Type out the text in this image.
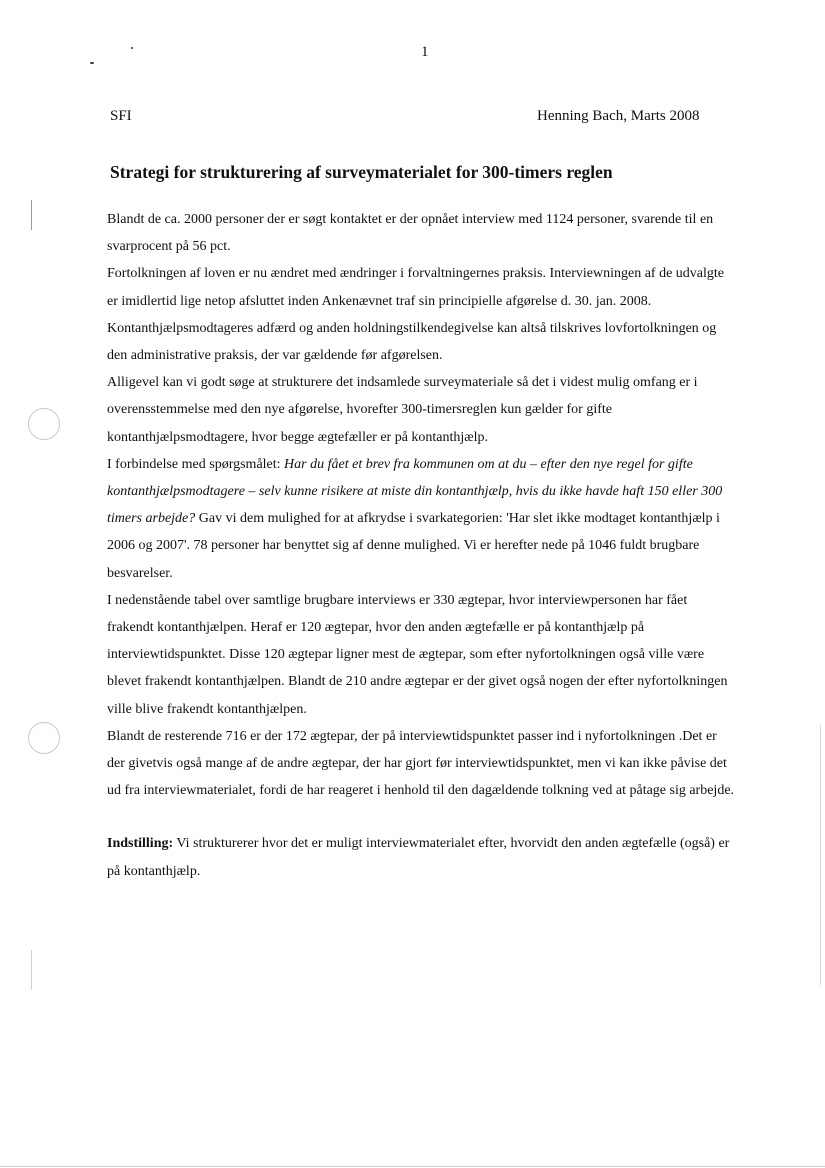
1
SFI	Henning Bach, Marts 2008
Strategi for strukturering af surveymaterialet for 300-timers reglen

Blandt de ca. 2000 personer der er søgt kontaktet er der opnået interview med 1124 personer, svarende til en svarprocent på 56 pct.

Fortolkningen af loven er nu ændret med ændringer i forvaltningernes praksis. Interviewningen af de udvalgte er imidlertid lige netop afsluttet inden Ankenævnet traf sin principielle afgørelse d. 30. jan. 2008. Kontanthjælpsmodtageres adfærd og anden holdningstilkendegivelse kan altså tilskrives lovfortolkningen og den administrative praksis, der var gældende før afgørelsen.

Alligevel kan vi godt søge at strukturere det indsamlede surveymateriale så det i videst mulig omfang er i overensstemmelse med den nye afgørelse, hvorefter 300-timersreglen kun gælder for gifte kontanthjælpsmodtagere, hvor begge ægtefæller er på kontanthjælp.

I forbindelse med spørgsmålet: Har du fået et brev fra kommunen om at du – efter den nye regel for gifte kontanthjælpsmodtagere – selv kunne risikere at miste din kontanthjælp, hvis du ikke havde haft 150 eller 300 timers arbejde? Gav vi dem mulighed for at afkrydse i svarkategorien: 'Har slet ikke modtaget kontanthjælp i 2006 og 2007'. 78 personer har benyttet sig af denne mulighed. Vi er herefter nede på 1046 fuldt brugbare besvarelser.

I nedenstående tabel over samtlige brugbare interviews er 330 ægtepar, hvor interviewpersonen har fået frakendt kontanthjælpen. Heraf er 120 ægtepar, hvor den anden ægtefælle er på kontanthjælp på interviewtidspunktet. Disse 120 ægtepar ligner mest de ægtepar, som efter nyfortolkningen også ville være blevet frakendt kontanthjælpen. Blandt de 210 andre ægtepar er der givet også nogen der efter nyfortolkningen ville blive frakendt kontanthjælpen.

Blandt de resterende 716 er der 172 ægtepar, der på interviewtidspunktet passer ind i nyfortolkningen .Det er der givetvis også mange af de andre ægtepar, der har gjort før interviewtidspunktet, men vi kan ikke påvise det ud fra interviewmaterialet, fordi de har reageret i henhold til den dagældende tolkning ved at påtage sig arbejde.

Indstilling: Vi strukturerer hvor det er muligt interviewmaterialet efter, hvorvidt den anden ægtefælle (også) er på kontanthjælp.
